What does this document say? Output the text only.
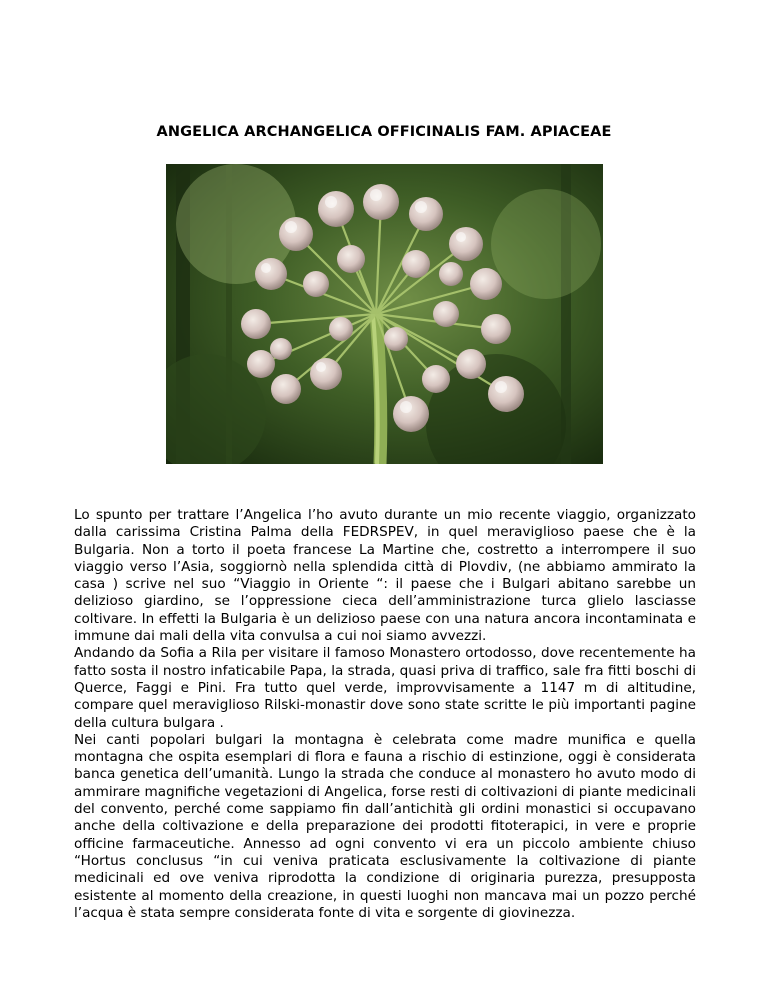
ANGELICA ARCHANGELICA OFFICINALIS FAM. APIACEAE

Lo spunto per trattare l’Angelica l’ho avuto durante un mio recente viaggio, organizzato dalla carissima Cristina Palma della FEDRSPEV, in quel meraviglioso paese che è la Bulgaria. Non a torto il poeta francese La Martine che, costretto a interrompere il suo viaggio verso l’Asia, soggiornò nella splendida città di Plovdiv, (ne abbiamo ammirato la casa ) scrive nel suo “Viaggio in Oriente “: il paese che i Bulgari abitano sarebbe un delizioso giardino, se l’oppressione cieca dell’amministrazione turca glielo lasciasse coltivare. In effetti la Bulgaria è un delizioso paese con una natura ancora incontaminata e immune dai mali della vita convulsa a cui noi siamo avvezzi.

Andando da Sofia a Rila per visitare il famoso Monastero ortodosso, dove recentemente ha fatto sosta il nostro infaticabile Papa, la strada, quasi priva di traffico, sale fra fitti boschi di Querce, Faggi e Pini. Fra tutto quel verde, improvvisamente a 1147 m di altitudine, compare quel meraviglioso Rilski-monastir dove sono state scritte le più importanti pagine della cultura bulgara .

Nei canti popolari bulgari la montagna è celebrata come madre munifica e quella montagna che ospita esemplari di flora e fauna a rischio di estinzione, oggi è considerata banca genetica dell’umanità. Lungo la strada che conduce al monastero ho avuto modo di ammirare magnifiche vegetazioni di Angelica, forse resti di coltivazioni di piante medicinali del convento, perché come sappiamo fin dall’antichità gli ordini monastici si occupavano anche della coltivazione e della preparazione dei prodotti fitoterapici, in vere e proprie officine farmaceutiche. Annesso ad ogni convento vi era un piccolo ambiente chiuso “Hortus conclusus “in cui veniva praticata esclusivamente la coltivazione di piante medicinali ed ove veniva riprodotta la condizione di originaria purezza, presupposta esistente al momento della creazione, in questi luoghi non mancava mai un pozzo perché l’acqua è stata sempre considerata fonte di vita e sorgente di giovinezza.
